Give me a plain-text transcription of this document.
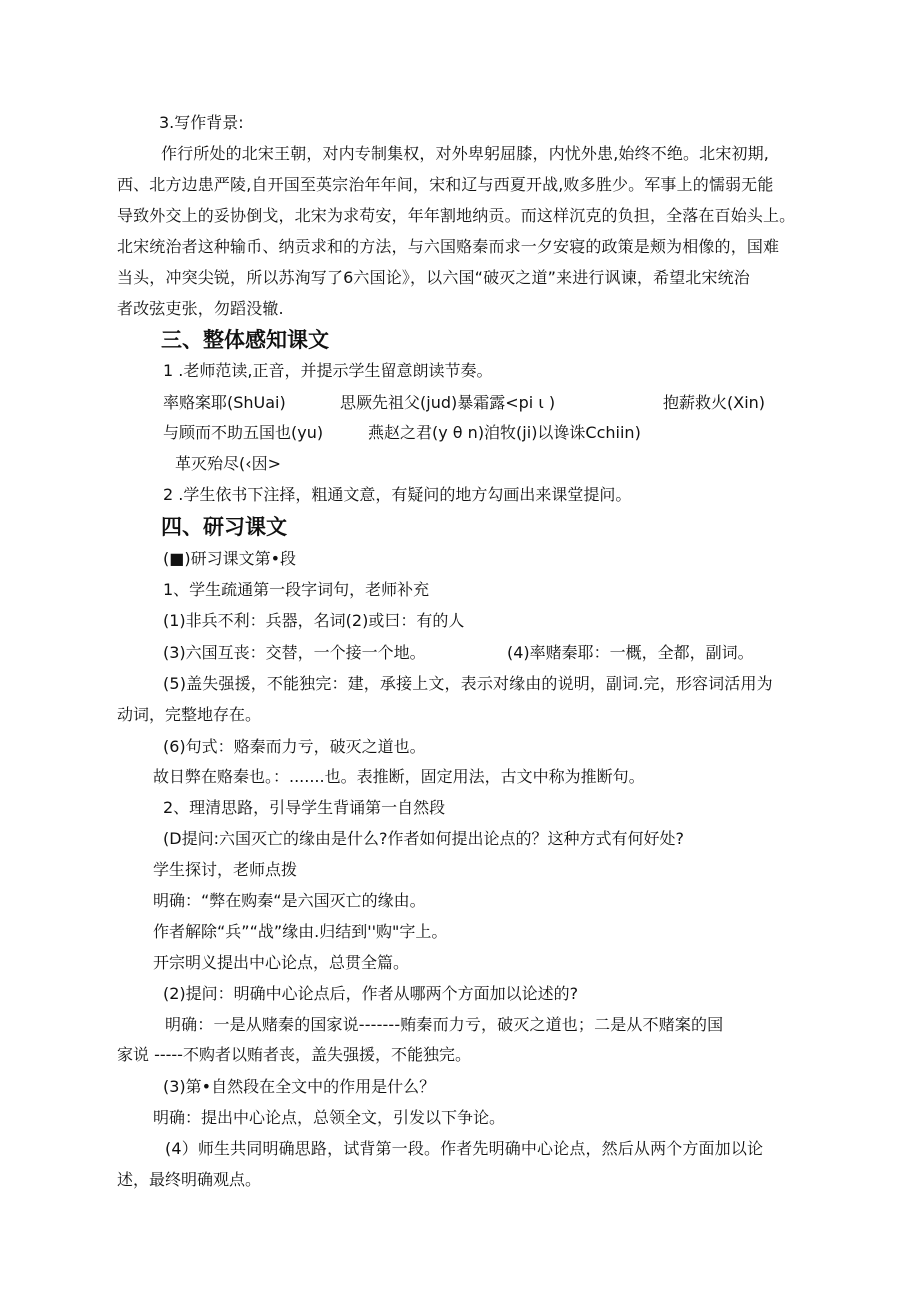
3.写作背景:
作行所处的北宋王朝，对内专制集权，对外卑躬屈膝，内忧外患,始终不绝。北宋初期,
西、北方边患严陵,自开国至英宗治年年间，宋和辽与西夏开战,败多胜少。军事上的懦弱无能
导致外交上的妥协倒戈，北宋为求苟安，年年割地纳贡。而这样沉克的负担，全落在百始头上。
北宋统治者这种输币、纳贡求和的方法，与六国赂秦而求一夕安寝的政策是颊为相像的，国难
当头，冲突尖锐，所以苏洵写了6六国论》，以六国“破灭之道”来进行讽谏，希望北宋统治
者改弦吏张，勿蹈没辙.
三、整体感知课文
1 .老师范读,正音，并提示学生留意朗读节奏。
率赂案耶(ShUai)	思厥先祖父(jud)暴霜露<pi ι )	抱薪救火(Xin)
与顾而不助五国也(yu)	燕赵之君(y θ n)洎牧(ji)以谗诛Cchiin)
革灭殆尽(‹因>
2 .学生依书下注择，粗通文意，有疑问的地方勾画出来课堂提问。
四、研习课文
(■)研习课文第•段
1、学生疏通第一段字词句，老师补充
(1)非兵不利：兵器，名词(2)或曰：有的人
(3)六国互丧：交替，一个接一个地。	(4)率赌秦耶：一概，全都，副词。
(5)盖失强援，不能独完：建，承接上文，表示对缘由的说明，副词.完，形容词活用为
动词，完整地存在。
(6)句式：赂秦而力亏，破灭之道也。
故日弊在赂秦也。：.......也。表推断，固定用法，古文中称为推断句。
2、理清思路，引导学生背诵第一自然段
(D提问:六国灭亡的缘由是什么?作者如何提出论点的？这种方式有何好处?
学生探讨，老师点拨
明确：“弊在购秦“是六国灭亡的缘由。
作者解除“兵”“战”缘由.归结到''购"字上。
开宗明义提出中心论点，总贯全篇。
(2)提问：明确中心论点后，作者从哪两个方面加以论述的?
明确：一是从赌秦的国家说-------贿秦而力亏，破灭之道也；二是从不赌案的国
家说 -----不购者以贿者丧，盖失强援，不能独完。
(3)第•自然段在全文中的作用是什么？
明确：提出中心论点，总领全文，引发以下争论。
(4）师生共同明确思路，试背第一段。作者先明确中心论点，然后从两个方面加以论
述，最终明确观点。
